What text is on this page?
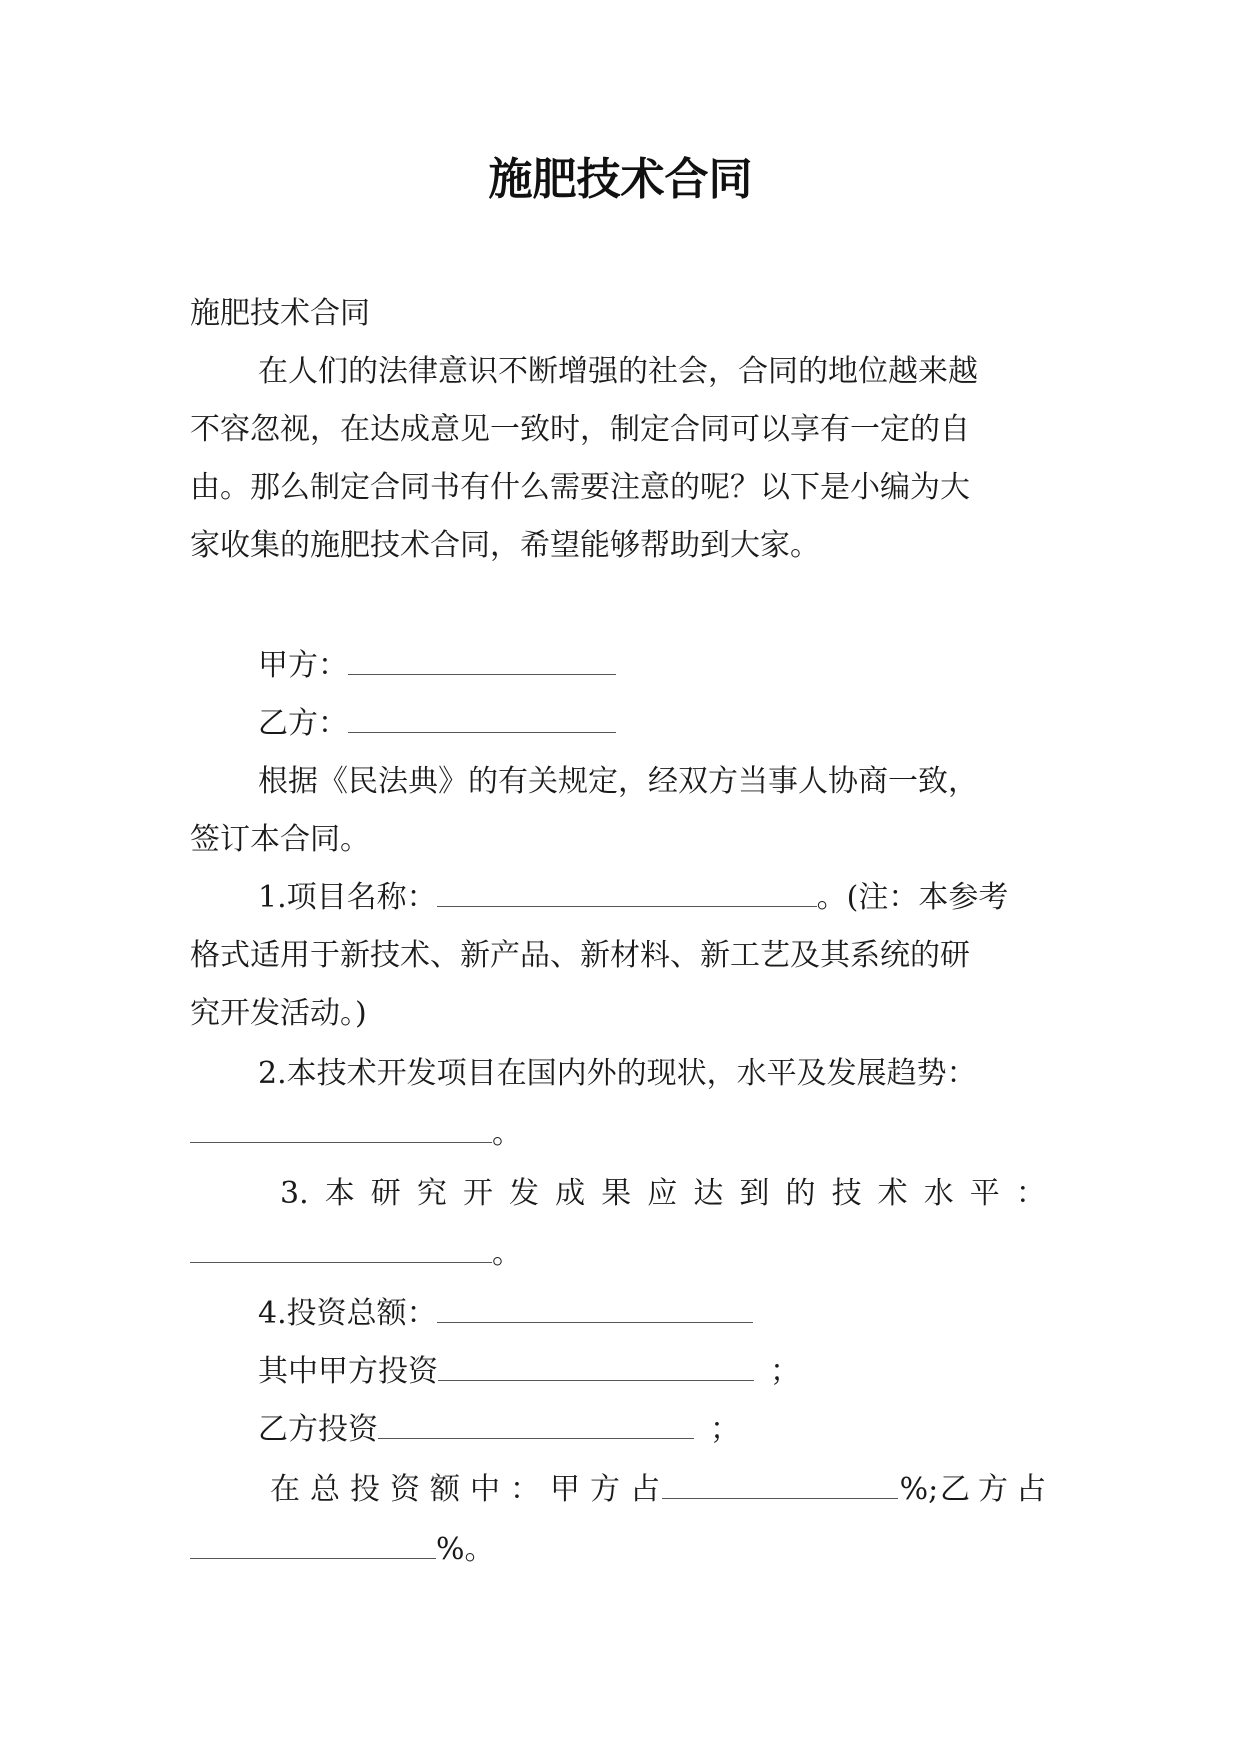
施肥技术合同
施肥技术合同
在人们的法律意识不断增强的社会，合同的地位越来越
不容忽视，在达成意见一致时，制定合同可以享有一定的自
由。那么制定合同书有什么需要注意的呢？以下是小编为大
家收集的施肥技术合同，希望能够帮助到大家。
甲方：
乙方：
根据《民法典》的有关规定，经双方当事人协商一致，
签订本合同。
1.项目名称：	。(注：本参考
格式适用于新技术、新产品、新材料、新工艺及其系统的研
究开发活动。)
2.本技术开发项目在国内外的现状，水平及发展趋势：
。
3. 本 研 究 开 发 成 果 应 达 到 的 技 术 水 平 ：
。
4.投资总额：
其中甲方投资	；
乙方投资	；
在 总 投 资 额 中 ： 甲 方 占	%; 乙 方 占
%。
